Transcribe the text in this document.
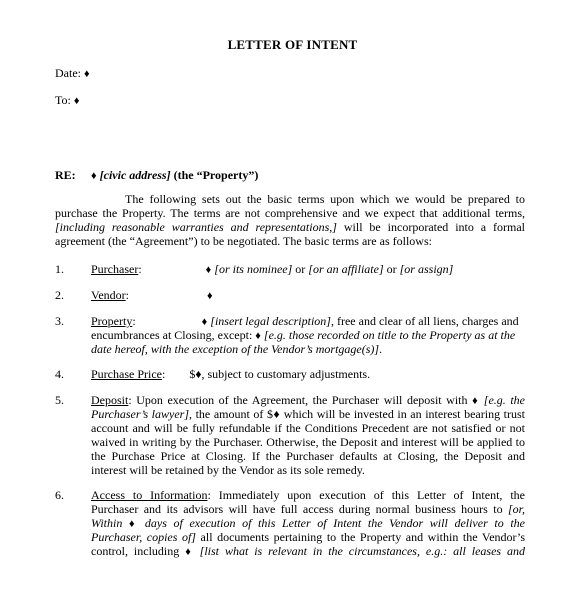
LETTER OF INTENT
Date: ♦
To: ♦
RE: ♦ [civic address] (the “Property”)
The following sets out the basic terms upon which we would be prepared to
purchase the Property. The terms are not comprehensive and we expect that additional terms,
[including reasonable warranties and representations,] will be incorporated into a formal
agreement (the “Agreement”) to be negotiated. The basic terms are as follows:
1. Purchaser:	♦ [or its nominee] or [or an affiliate] or [or assign]
2. Vendor:	♦
3. Property:	♦ [insert legal description], free and clear of all liens, charges and
encumbrances at Closing, except: ♦ [e.g. those recorded on title to the Property as at the
date hereof, with the exception of the Vendor’s mortgage(s)].
4. Purchase Price: $♦, subject to customary adjustments.
5. Deposit: Upon execution of the Agreement, the Purchaser will deposit with ♦ [e.g. the
Purchaser’s lawyer], the amount of $♦ which will be invested in an interest bearing trust
account and will be fully refundable if the Conditions Precedent are not satisfied or not
waived in writing by the Purchaser. Otherwise, the Deposit and interest will be applied to
the Purchase Price at Closing. If the Purchaser defaults at Closing, the Deposit and
interest will be retained by the Vendor as its sole remedy.
6. Access to Information: Immediately upon execution of this Letter of Intent, the
Purchaser and its advisors will have full access during normal business hours to [or,
Within ♦ days of execution of this Letter of Intent the Vendor will deliver to the
Purchaser, copies of] all documents pertaining to the Property and within the Vendor’s
control, including ♦ [list what is relevant in the circumstances, e.g.: all leases and
